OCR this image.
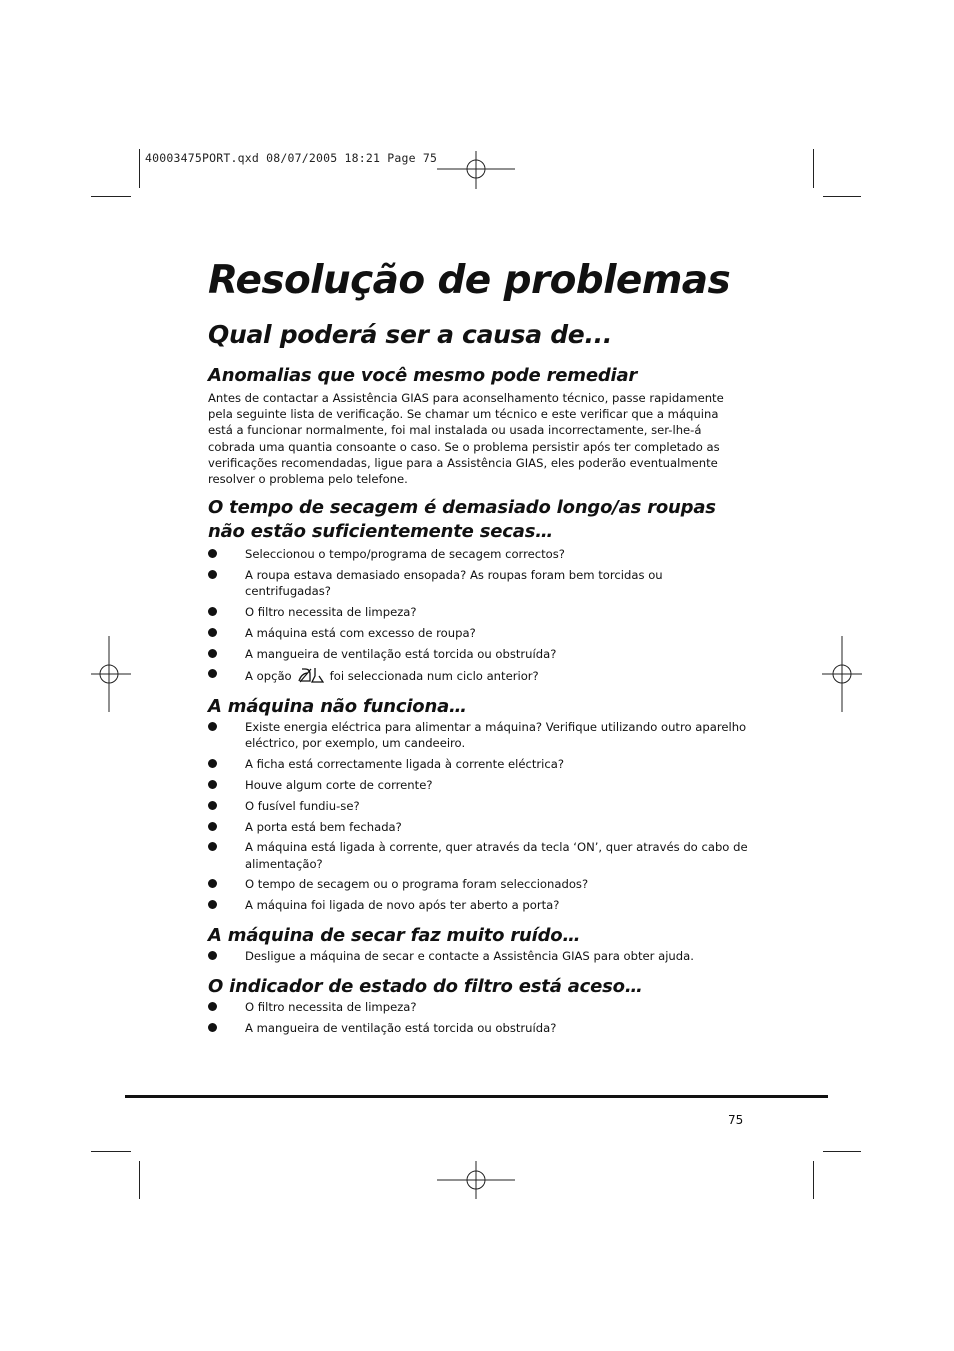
40003475PORT.qxd 08/07/2005 18:21 Page 75
Resolução de problemas
Qual poderá ser a causa de...
Anomalias que você mesmo pode remediar

Antes de contactar a Assistência GIAS para aconselhamento técnico, passe rapidamente pela seguinte lista de verificação. Se chamar um técnico e este verificar que a máquina está a funcionar normalmente, foi mal instalada ou usada incorrectamente, ser-lhe-á cobrada uma quantia consoante o caso. Se o problema persistir após ter completado as verificações recomendadas, ligue para a Assistência GIAS, eles poderão eventualmente resolver o problema pelo telefone.

O tempo de secagem é demasiado longo/as roupas
não estão suficientemente secas…
Seleccionou o tempo/programa de secagem correctos?
A roupa estava demasiado ensopada? As roupas foram bem torcidas ou centrifugadas?
O filtro necessita de limpeza?
A máquina está com excesso de roupa?
A mangueira de ventilação está torcida ou obstruída?
A opção	foi seleccionada num ciclo anterior?
A máquina não funciona…
Existe energia eléctrica para alimentar a máquina? Verifique utilizando outro aparelho eléctrico, por exemplo, um candeeiro.
A ficha está correctamente ligada à corrente eléctrica?
Houve algum corte de corrente?
O fusível fundiu-se?
A porta está bem fechada?
A máquina está ligada à corrente, quer através da tecla ‘ON’, quer através do cabo de alimentação?
O tempo de secagem ou o programa foram seleccionados?
A máquina foi ligada de novo após ter aberto a porta?
A máquina de secar faz muito ruído…
Desligue a máquina de secar e contacte a Assistência GIAS para obter ajuda.
O indicador de estado do filtro está aceso…
O filtro necessita de limpeza?
A mangueira de ventilação está torcida ou obstruída?
75
